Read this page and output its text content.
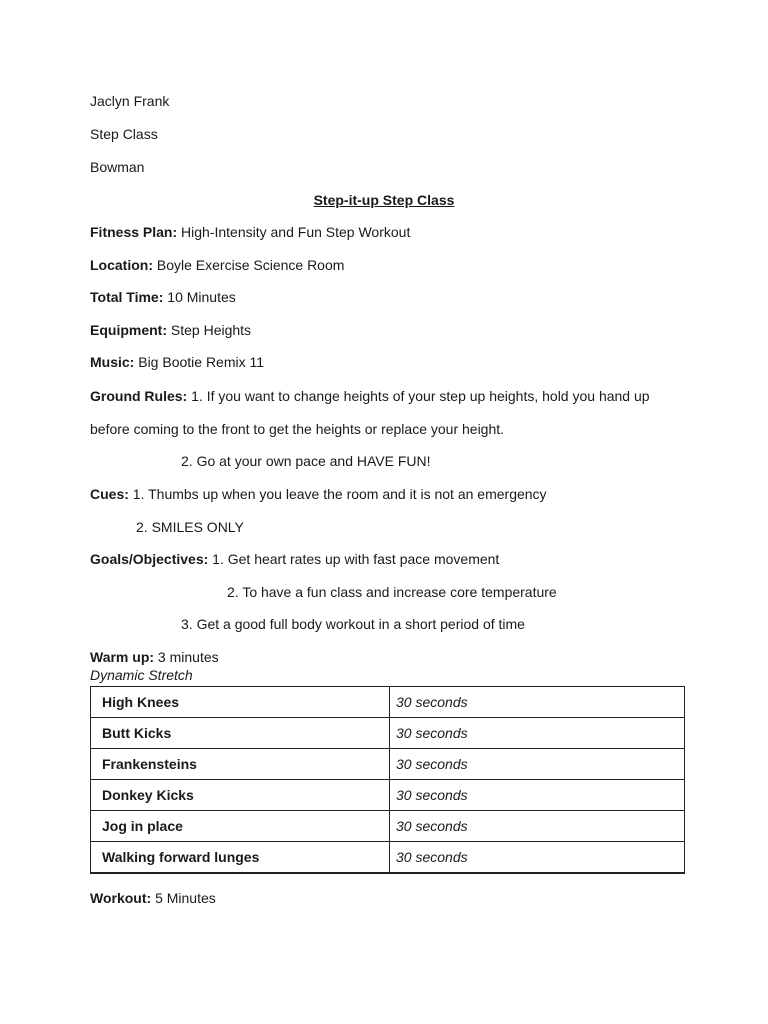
Jaclyn Frank
Step Class
Bowman
Step-it-up Step Class
Fitness Plan: High-Intensity and Fun Step Workout
Location: Boyle Exercise Science Room
Total Time: 10 Minutes
Equipment: Step Heights
Music: Big Bootie Remix 11
Ground Rules: 1. If you want to change heights of your step up heights, hold you hand up
before coming to the front to get the heights or replace your height.
2. Go at your own pace and HAVE FUN!
Cues: 1. Thumbs up when you leave the room and it is not an emergency
2. SMILES ONLY
Goals/Objectives: 1. Get heart rates up with fast pace movement
2. To have a fun class and increase core temperature
3. Get a good full body workout in a short period of time
Warm up: 3 minutes
Dynamic Stretch
High Knees	30 seconds
Butt Kicks	30 seconds
Frankensteins	30 seconds
Donkey Kicks	30 seconds
Jog in place	30 seconds
Walking forward lunges	30 seconds
Workout: 5 Minutes
